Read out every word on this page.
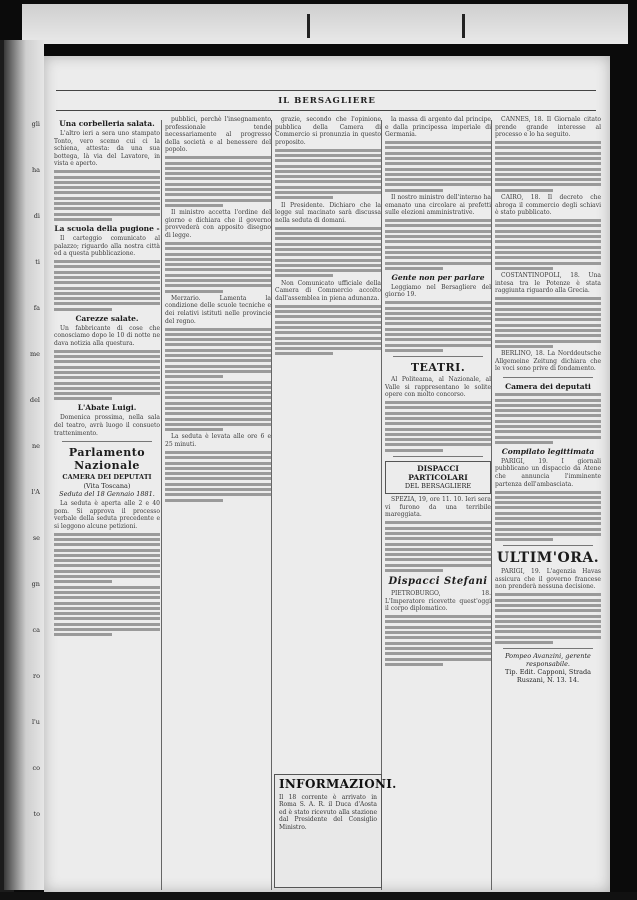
gli
ha
di
ti
fa
me
del
ne
l'A
se
gn
ca
ro
l'u
co
to
IL BERSAGLIERE
Una corbelleria salata.

L'altro ieri a sera uno stampato Tonto, vero scemo cui ci la schiena, attesta: da una sua bottega, là via del Lavatore, in vista e aperto.

La scuola della pugione -

Il carteggio comunicato al palazzo; riguardo alla nostra città ed a questa pubblicazione.

Carezze salate.

Un fabbricante di cose che conosciamo dopo le 10 di notte ne dava notizia alla questura.

L'Abate Luigi.

Domenica prossima, nella sala del teatro, avrà luogo il consueto trattenimento.

Parlamento Nazionale
CAMERA DEI DEPUTATI
(Vita Toscana)
Seduta del 18 Gennaio 1881.

La seduta è aperta alle 2 e 40 pom. Si approva il processo verbale della seduta precedente e si leggono alcune petizioni.

pubblici, perchè l'insegnamento professionale tende necessariamente al progresso della società e al benessere del popolo.

Il ministro accetta l'ordine del giorno e dichiara che il governo provvederà con apposito disegno di legge.

Merzario. Lamenta la condizione delle scuole tecniche e dei relativi istituti nelle provincie del regno.

La seduta è levata alle ore 6 e 25 minuti.

grazie, secondo che l'opinione pubblica della Camera di Commercio si pronunzia in questo proposito.

Il Presidente. Dichiaro che la legge sul macinato sarà discussa nella seduta di domani.

Non Comunicato ufficiale della Camera di Commercio accolto dall'assemblea in piena adunanza.

INFORMAZIONI.
Il 18 corrente è arrivato in Roma S. A. R. il Duca d'Aosta ed è stato ricevuto alla stazione dal Presidente del Consiglio Ministro.

la massa di argento dal principe e dalla principessa imperiale di Germania.

Il nostro ministro dell'interno ha emanato una circolare ai prefetti sulle elezioni amministrative.

Gente non per parlare

Leggiamo nel Bersagliere del giorno 19.

TEATRI.

Al Politeama, al Nazionale, al Valle si rappresentano le solite opere con molto concorso.

DISPACCI PARTICOLARI
DEL BERSAGLIERE

SPEZIA, 19, ore 11. 10. Ieri sera vi furono da una terribile mareggiata.

Dispacci Stefani

PIETROBURGO, 18. L'Imperatore ricevette quest'oggi il corpo diplomatico.

CANNES, 18. Il Giornale citato prende grande interesse al processo e lo ha seguito.

CAIRO, 18. Il decreto che abroga il commercio degli schiavi è stato pubblicato.

COSTANTINOPOLI, 18. Una intesa tra le Potenze è stata raggiunta riguardo alla Grecia.

BERLINO, 18. La Norddeutsche Allgemeine Zeitung dichiara che le voci sono prive di fondamento.

Camera dei deputati

Compilato legittimata

PARIGI, 19. I giornali pubblicano un dispaccio da Atene che annuncia l'imminente partenza dell'ambasciata.

ULTIM'ORA.

PARIGI, 19. L'agenzia Havas assicura che il governo francese non prenderà nessuna decisione.

Pompeo Avanzini, gerente responsabile.
Tip. Edit. Capponi, Strada Ruszani, N. 13. 14.
